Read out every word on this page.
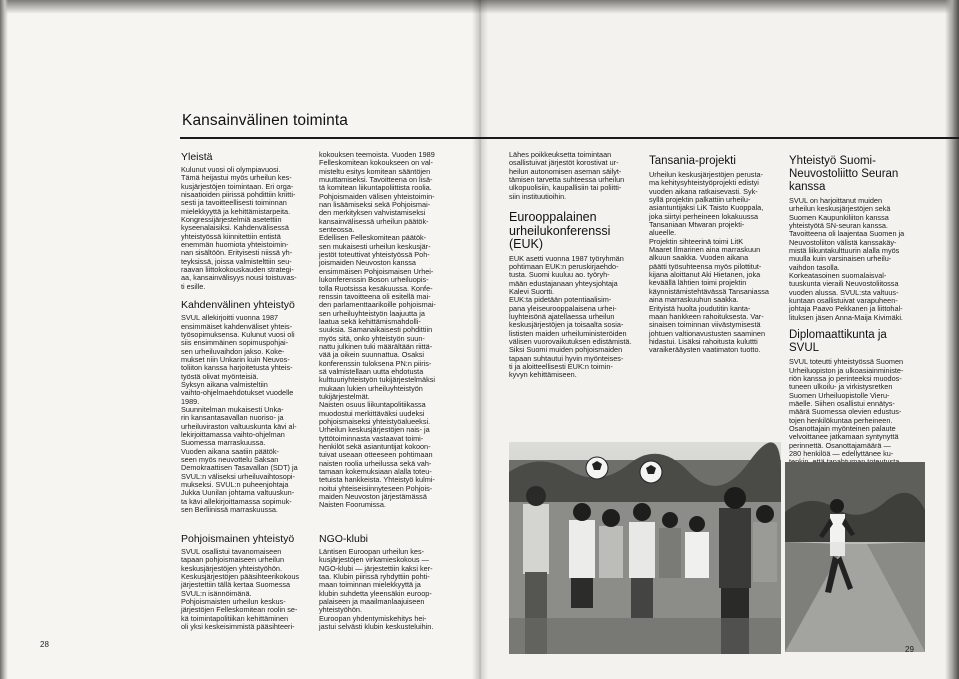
Kansainvälinen toiminta
Yleistä

Kulunut vuosi oli olympiavuosi.
Tämä heijastui myös urheilun kes-
kusjärjestöjen toimintaan. Eri orga-
nisaatioiden piirissä pohdittiin kriitti-
sesti ja tavoitteellisesti toiminnan
mielekkyyttä ja kehittämistarpeita.
Kongressijärjestelmiä asetettiin
kyseenalaisiksi. Kahdenvälisessä
yhteistyössä kiinnitettiin entistä
enemmän huomiota yhteistoimin-
nan sisältöön. Erityisesti niissä yh-
teyksissä, joissa valmistelttiin seu-
raavan liittokokouskauden strategi-
aa, kansainvälisyys nousi toistuvas-
ti esille.

Kahdenvälinen yhteistyö

SVUL allekirjoitti vuonna 1987
ensimmäiset kahdenväliset yhteis-
työsopimuksensa. Kulunut vuosi oli
siis ensimmäinen sopimuspohjai-
sen urheiluvaihdon jakso. Koke-
mukset niin Unkarin kuin Neuvos-
toliiton kanssa harjoitetusta yhteis-
työstä olivat myönteisiä.
Syksyn aikana valmisteltiin
vaihto-ohjelmaehdotukset vuodelle
1989.
Suunnitelman mukaisesti Unka-
rin kansantasavallan nuoriso- ja
urheiluviraston valtuuskunta kävi al-
lekirjoittamassa vaihto-ohjelman
Suomessa marraskuussa.
Vuoden aikana saatiin päätök-
seen myös neuvottelu Saksan
Demokraattisen Tasavallan (SDT) ja
SVUL:n väliseksi urheiluvaihtosopi-
mukseksi. SVUL:n puheenjohtaja
Jukka Uunilan johtama valtuuskun-
ta kävi allekirjoittamassa sopimuk-
sen Berliinissä marraskuussa.

kokouksen teemoista. Vuoden 1989
Felleskomitean kokoukseen on val-
misteltu esitys komitean sääntöjen
muuttamiseksi. Tavoitteena on lisä-
tä komitean liikuntapoliittista roolia.
Pohjoismaiden välisen yhteistoimin-
nan lisäämiseksi sekä Pohjoismai-
den merkityksen vahvistamiseksi
kansainvälisessä urheilun päätök-
senteossa.
Edellisen Felleskomitean päätök-
sen mukaisesti urheilun keskusjär-
jestöt toteuttivat yhteistyössä Poh-
joismaiden Neuvoston kanssa
ensimmäisen Pohjoismaisen Urhei-
lukonferenssin Boson urheiluopis-
tolla Ruotsissa kesäkuussa. Konfe-
renssin tavoitteena oli esitellä mai-
den parlamenttaarikoille pohjoismai-
sen urheiluyhteistyön laajuutta ja
laatua sekä kehittämismahdolli-
suuksia. Samanaikaisesti pohdittiin
myös sitä, onko yhteistyön suun-
nattu julkinen tuki määrältään riittä-
vää ja oikein suunnattua. Osaksi
konferenssin tuloksena PN:n piiris-
sä valmistellaan uutta ehdotusta
kulttuuriyhteistyön tukijärjestelmäksi
mukaan lukien urheiluyhteistyön
tukijärjestelmät.
Naisten osuus liikuntapolitiikassa
muodostui merkittäväksi uudeksi
pohjoismaiseksi yhteistyöalueeksi.
Urheilun keskusjärjestöjen nais- ja
tyttötoiminnasta vastaavat toimi-
henkilöt sekä asiantuntijat kokoon-
tuivat useaan otteeseen pohtimaan
naisten roolia urheilussa sekä vah-
tamaan kokemuksiaan alalla toteu-
tetuista hankkeista. Yhteistyö kulmi-
noitui yhteiseisiinnyteseen Pohjois-
maiden Neuvoston järjestämässä
Naisten Foorumissa.

Pohjoismainen yhteistyö

SVUL osallistui tavanomaiseen
tapaan pohjoismaiseen urheilun
keskusjärjestöjen yhteistyöhön.
Keskusjärjestöjen pääsihteerikokous
järjestettiin tällä kertaa Suomessa
SVUL:n isännöimänä.
Pohjoismaisten urheilun keskus-
järjestöjen Felleskomitean roolin se-
kä toimintapolitiikan kehittäminen
oli yksi keskeisimmistä pääsihteeri-

NGO-klubi

Läntisen Euroopan urheilun kes-
kusjärjestöjen virkamieskokous —
NGO-klubi — järjestettiin kaksi ker-
taa. Klubin piirissä ryhdyttiin pohti-
maan toiminnan mielekkyyttä ja
klubin suhdetta yleensäkin euroop-
palaiseen ja maailmanlaajuiseen
yhteistyöhön.
Euroopan yhdentymiskehitys hei-
jastui selvästi klubin keskusteluihin.

Lähes poikkeuksetta toimintaan
osallistuivat järjestöt korostivat ur-
heilun autonomisen aseman säilyt-
tämisen tarvetta suhteessa urheilun
ulkopuolisiin, kaupallisiin tai poliitti-
siin instituutioihin.

Eurooppalainen urheilukonferenssi (EUK)

EUK asetti vuonna 1987 työryhmän
pohtimaan EUK:n peruskirjaehdo-
tusta. Suomi kuuluu ao. työryh-
mään edustajanaan yhteysjohtaja
Kalevi Suortti.
EUK:ta pidetään potentiaalisim-
pana yleiseurooppalaisena urhei-
luyhteisönä ajatellaessa urheilun
keskusjärjestöjen ja toisaalta sosia-
lististen maiden urheiluministeröiden
välisen vuorovaikutuksen edistämistä.
Siksi Suomi muiden pohjoismaiden
tapaan suhtautui hyvin myönteises-
ti ja aloitteellisesti EUK:n toimin-
kyvyn kehittämiseen.

Tansania-projekti

Urheilun keskusjärjestöjen perusta-
ma kehitysyhteistyöprojekti edistyi
vuoden aikana ratkaisevasti. Syk-
syllä projektin palkattiin urheilu-
asiantuntijaksi LiK Taisto Kuoppala,
joka siirtyi perheineen lokakuussa
Tansaniaan Mtwaran projekti-
alueelle.
Projektin sihteerinä toimi LitK
Maaret Ilmarinen aina marraskuun
alkuun saakka. Vuoden aikana
päätti työsuhteensa myös pilottitut-
kijana aloittanut Aki Hietanen, joka
keväällä lähtien toimi projektin
käynnistämistehtävässä Tansaniassa
aina marraskuuhun saakka.
Erityistä huolta joudutitin kanta-
maan hankkeen rahoituksesta. Var-
sinaisen toiminnan viivästymisestä
johtuen valtionavustusten saaminen
hidastui. Lisäksi rahoitusta kuluttti
varaikerääysten vaatimaton tuotto.

Yhteistyö Suomi-Neuvostoliitto Seuran kanssa

SVUL on harjoittanut muiden
urheilun keskusjärjestöjen sekä
Suomen Kaupunkiliiton kanssa
yhteistyötä SN-seuran kanssa.
Tavoitteena oli laajentaa Suomen ja
Neuvostoliiton välistä kanssakäy-
mistä liikuntakulttuurin alalla myös
muulla kuin varsinaisen urheilu-
vaihdon tasolla.
Korkeatasoinen suomalaisval-
tuuskunta vieraili Neuvostoliitossa
vuoden alussa. SVUL:sta valtuus-
kuntaan osallistuivat varapuheen-
johtaja Paavo Pekkanen ja liittohal-
lituksen jäsen Anna-Maija Kivimäki.

Diplomaattikunta ja SVUL

SVUL toteutti yhteistyössä Suomen
Urheiluopiston ja ulkoasiainministe-
riön kanssa jo perinteeksi muodos-
tuneen ulkoilu- ja virkistysretken
Suomen Urheiluopistolle Vieru-
mäelle. Siihen osallistui ennätys-
määrä Suomessa olevien edustus-
tojen henkilökuntaa perheineen.
Osanottajain myönteinen palaute
velvoittanee jatkamaan syntynyttä
perinnettä. Osanottajamäärä —
280 henkilöä — edellyttänee ku-

28
29
